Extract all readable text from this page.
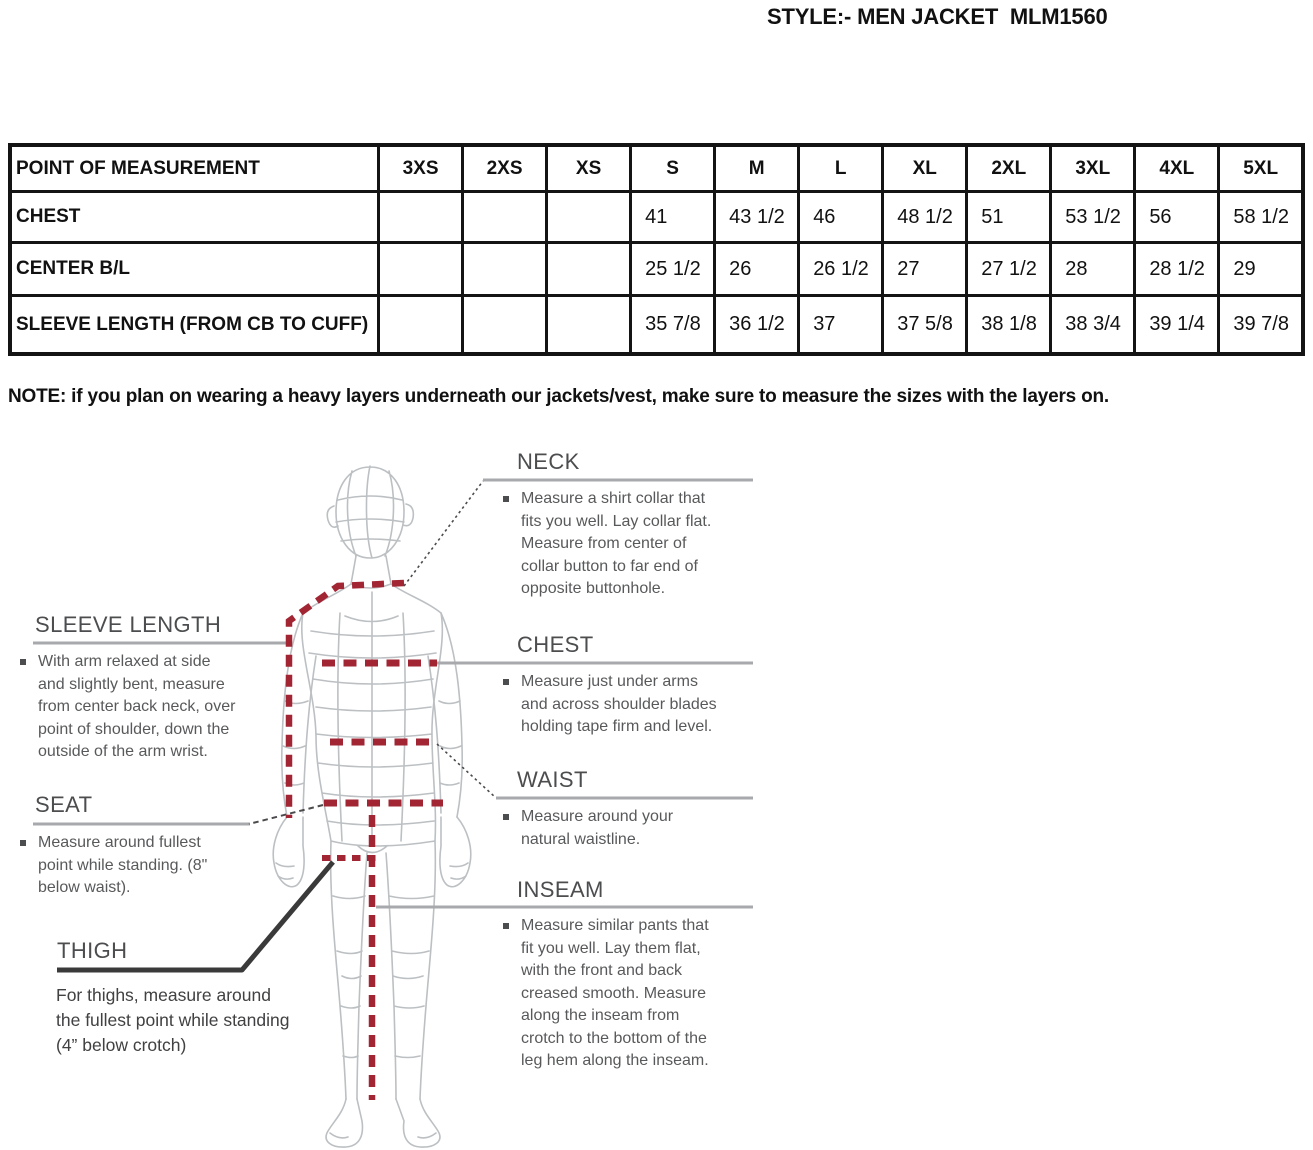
STYLE:- MEN JACKET  MLM1560
POINT OF MEASUREMENT	3XS	2XS	XS	S	M	L	XL	2XL	3XL	4XL	5XL
CHEST				41	43 1/2	46	48 1/2	51	53 1/2	56	58 1/2
CENTER B/L				25 1/2	26	26 1/2	27	27 1/2	28	28 1/2	29
SLEEVE LENGTH (FROM CB TO CUFF)				35 7/8	36 1/2	37	37 5/8	38 1/8	38 3/4	39 1/4	39 7/8
NOTE: if you plan on wearing a heavy layers underneath our jackets/vest, make sure to measure the sizes with the layers on.
SLEEVE LENGTH
With arm relaxed at side and slightly bent, measure from center back neck, over point of shoulder, down the outside of the arm wrist.
SEAT
Measure around fullest point while standing. (8" below waist).
THIGH
For thighs, measure around the fullest point while standing (4” below crotch)
NECK
Measure a shirt collar that fits you well. Lay collar flat. Measure from center of collar button to far end of opposite buttonhole.
CHEST
Measure just under arms and across shoulder blades holding tape firm and level.
WAIST
Measure around your natural waistline.
INSEAM
Measure similar pants that fit you well. Lay them flat, with the front and back creased smooth. Measure along the inseam from crotch to the bottom of the leg hem along the inseam.
